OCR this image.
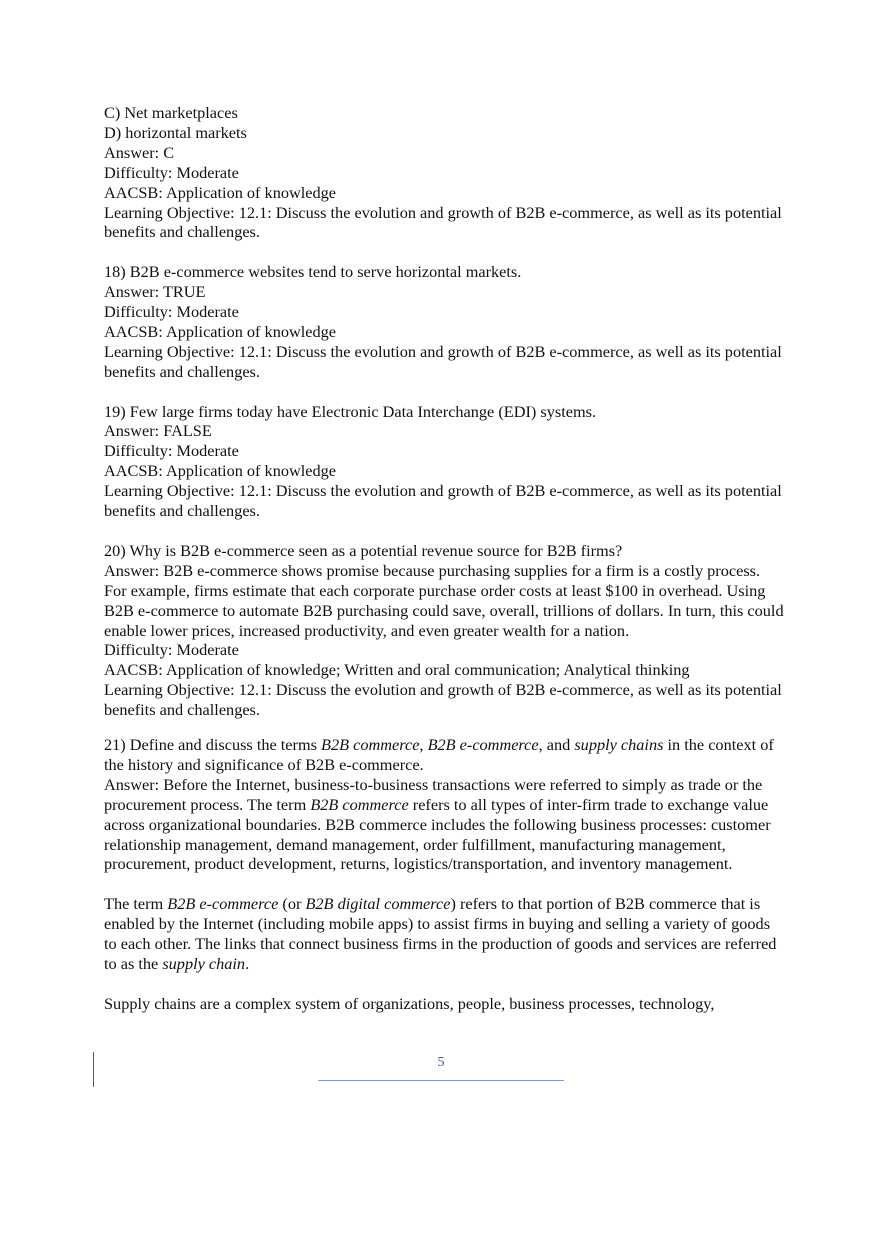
C) Net marketplaces
D) horizontal markets
Answer: C
Difficulty: Moderate
AACSB: Application of knowledge
Learning Objective: 12.1: Discuss the evolution and growth of B2B e-commerce, as well as its potential benefits and challenges.
18) B2B e-commerce websites tend to serve horizontal markets.
Answer: TRUE
Difficulty: Moderate
AACSB: Application of knowledge
Learning Objective: 12.1: Discuss the evolution and growth of B2B e-commerce, as well as its potential benefits and challenges.
19) Few large firms today have Electronic Data Interchange (EDI) systems.
Answer: FALSE
Difficulty: Moderate
AACSB: Application of knowledge
Learning Objective: 12.1: Discuss the evolution and growth of B2B e-commerce, as well as its potential benefits and challenges.
20) Why is B2B e-commerce seen as a potential revenue source for B2B firms?
Answer: B2B e-commerce shows promise because purchasing supplies for a firm is a costly process. For example, firms estimate that each corporate purchase order costs at least $100 in overhead. Using B2B e-commerce to automate B2B purchasing could save, overall, trillions of dollars. In turn, this could enable lower prices, increased productivity, and even greater wealth for a nation.
Difficulty: Moderate
AACSB: Application of knowledge; Written and oral communication; Analytical thinking
Learning Objective: 12.1: Discuss the evolution and growth of B2B e-commerce, as well as its potential benefits and challenges.
21) Define and discuss the terms B2B commerce, B2B e-commerce, and supply chains in the context of the history and significance of B2B e-commerce.
Answer: Before the Internet, business-to-business transactions were referred to simply as trade or the procurement process. The term B2B commerce refers to all types of inter-firm trade to exchange value across organizational boundaries. B2B commerce includes the following business processes: customer relationship management, demand management, order fulfillment, manufacturing management, procurement, product development, returns, logistics/transportation, and inventory management.
The term B2B e-commerce (or B2B digital commerce) refers to that portion of B2B commerce that is enabled by the Internet (including mobile apps) to assist firms in buying and selling a variety of goods to each other. The links that connect business firms in the production of goods and services are referred to as the supply chain.
Supply chains are a complex system of organizations, people, business processes, technology,
5
